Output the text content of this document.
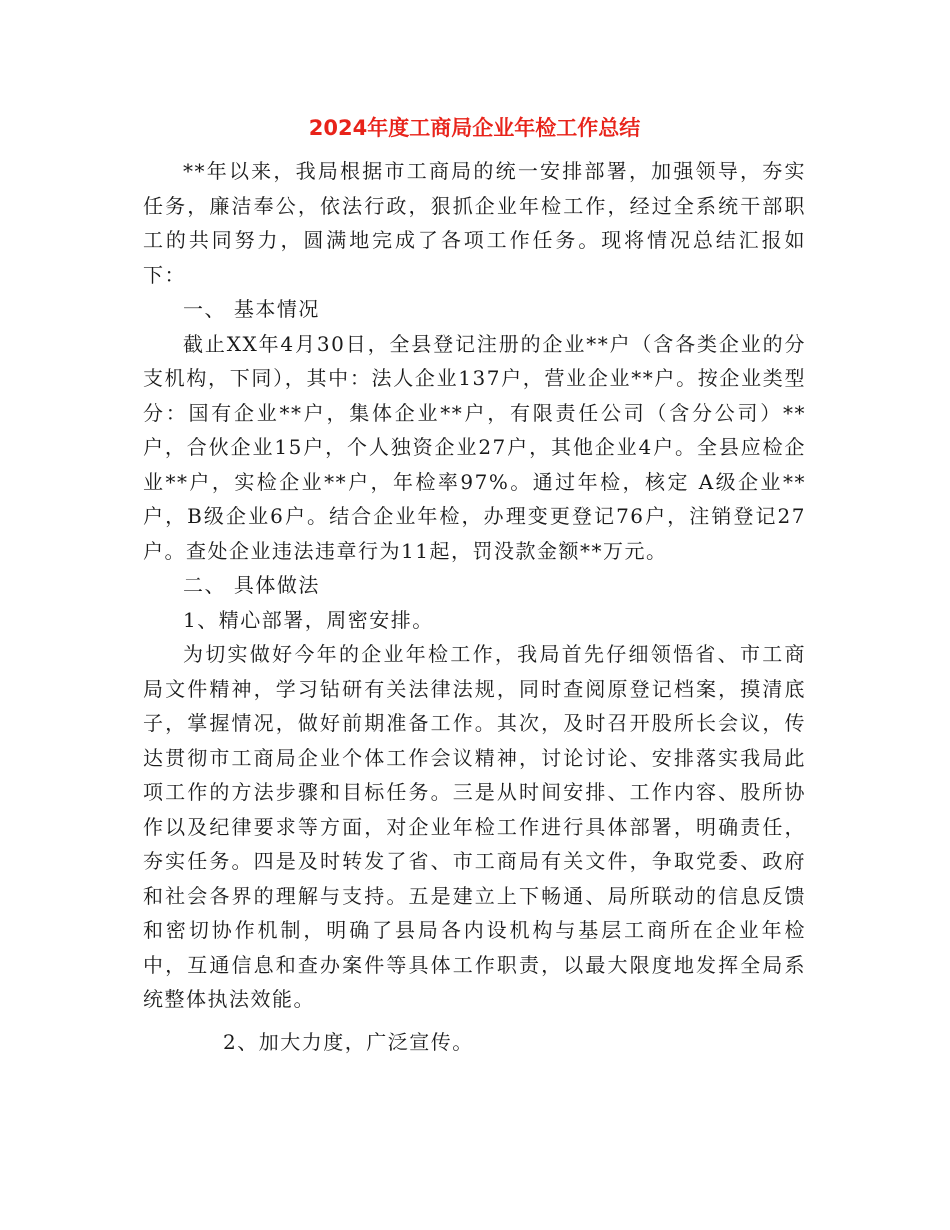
2024年度工商局企业年检工作总结

**年以来，我局根据市工商局的统一安排部署，加强领导，夯实任务，廉洁奉公，依法行政，狠抓企业年检工作，经过全系统干部职工的共同努力，圆满地完成了各项工作任务。现将情况总结汇报如下：

一、 基本情况

截止XX年4月30日，全县登记注册的企业**户（含各类企业的分支机构，下同），其中：法人企业137户，营业企业**户。按企业类型分：国有企业**户，集体企业**户，有限责任公司（含分公司）**户，合伙企业15户，个人独资企业27户，其他企业4户。全县应检企业**户，实检企业**户，年检率97%。通过年检，核定 A级企业**户，B级企业6户。结合企业年检，办理变更登记76户，注销登记27户。查处企业违法违章行为11起，罚没款金额**万元。

二、 具体做法

1、精心部署，周密安排。

为切实做好今年的企业年检工作，我局首先仔细领悟省、市工商局文件精神，学习钻研有关法律法规，同时查阅原登记档案，摸清底子，掌握情况，做好前期准备工作。其次，及时召开股所长会议，传达贯彻市工商局企业个体工作会议精神，讨论讨论、安排落实我局此项工作的方法步骤和目标任务。三是从时间安排、工作内容、股所协作以及纪律要求等方面，对企业年检工作进行具体部署，明确责任，夯实任务。四是及时转发了省、市工商局有关文件，争取党委、政府和社会各界的理解与支持。五是建立上下畅通、局所联动的信息反馈和密切协作机制，明确了县局各内设机构与基层工商所在企业年检中，互通信息和查办案件等具体工作职责，以最大限度地发挥全局系统整体执法效能。

2、加大力度，广泛宣传。
